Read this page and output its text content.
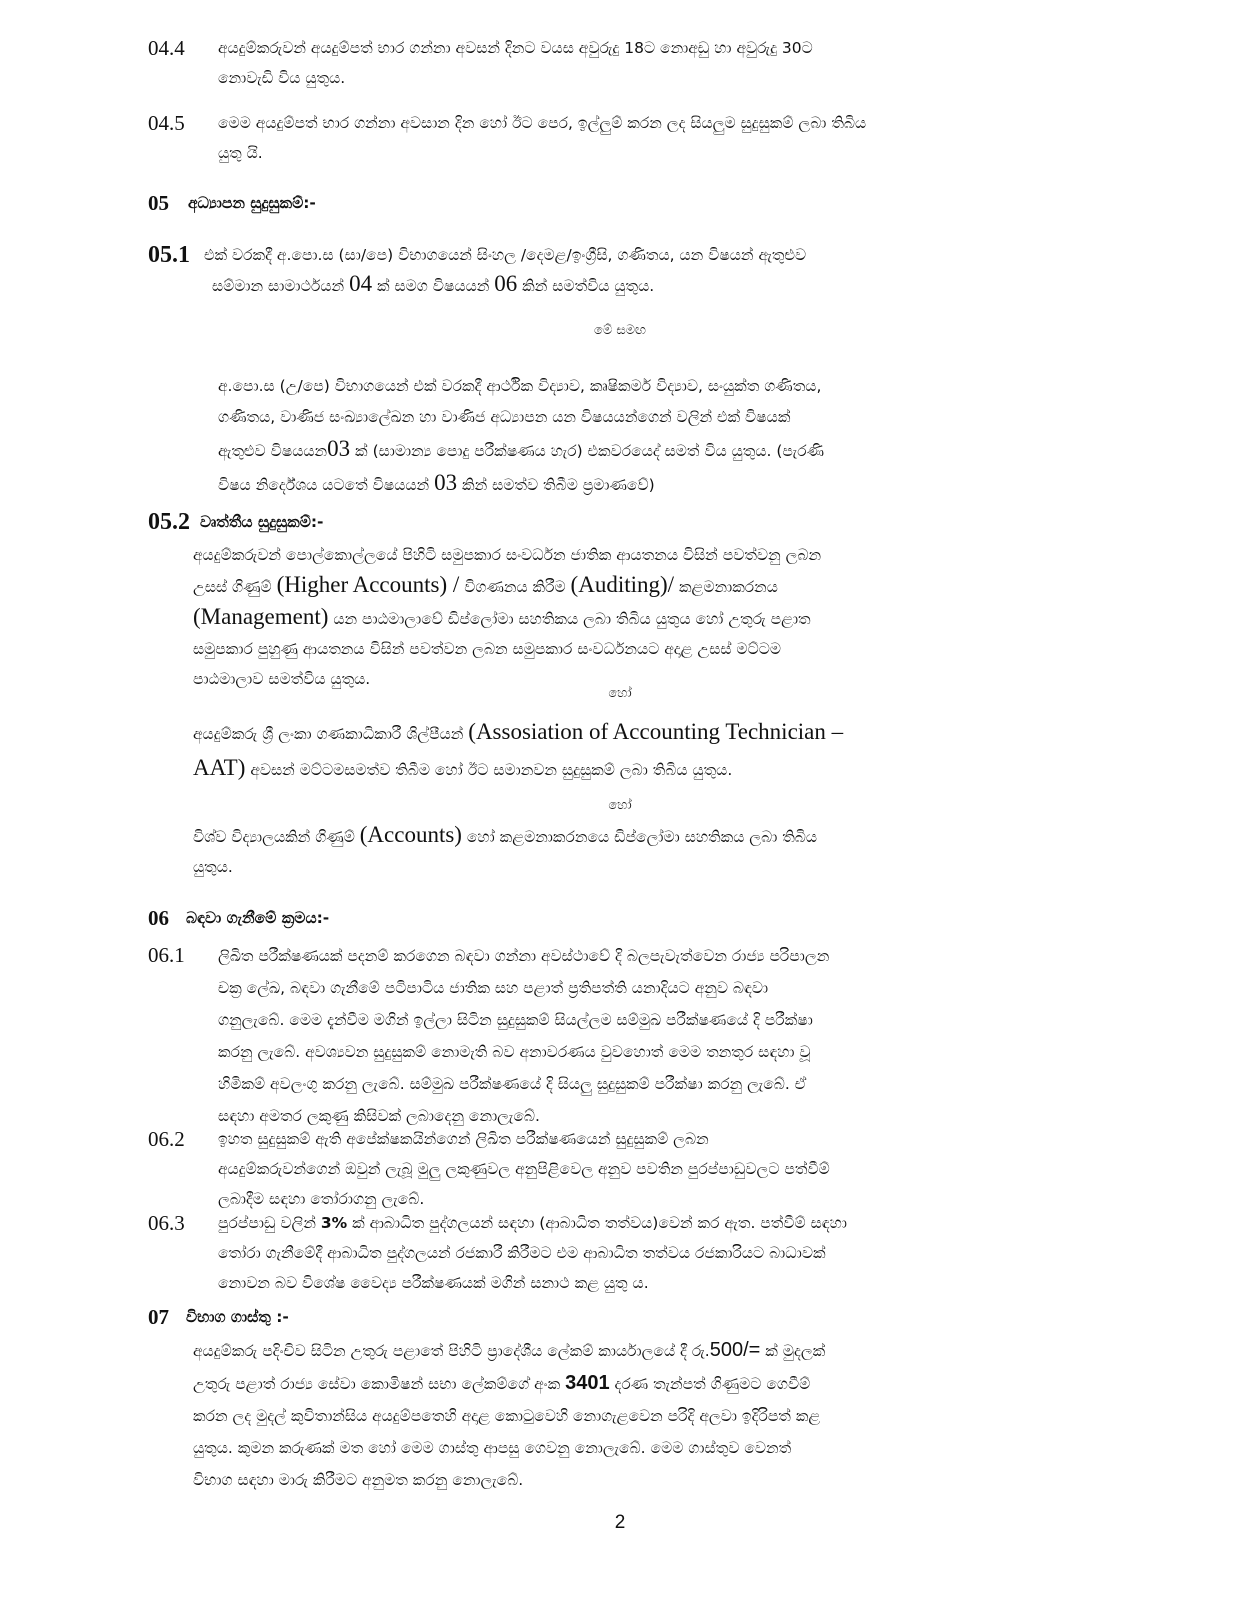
04.4 අයදුම්කරුවන් අයදුම්පත් භාර ගන්නා අවසන් දිනට වයස අවුරුදු 18ට නොඅඩු හා අවුරුදු 30ට
නොවැඩි විය යුතුය.
04.5 මෙම අයදුම්පත් භාර ගන්නා අවසාන දින හෝ ඊට පෙර, ඉල්ලුම් කරන ලද සියලුම සුදුසුකම් ලබා තිබිය
යුතු යි.
05 අධ්‍යාපන සුදුසුකම්:-
05.1 එක් වරකදී අ.පො.ස (සා/පෙ) විභාගයෙන් සිංහල /දෙමළ/ඉංග්‍රීසි, ගණිතය, යන විෂයන් ඇතුළුව
සම්මාන සාමාර්ථයන් 04 ක් සමග විෂයයන් 06 කින් සමත්විය යුතුය.
මේ සමඟ
අ.පො.ස (උ/පෙ) විභාගයෙන් එක් වරකදී ආර්ථික විද්‍යාව, කෘෂිකර්ම විද්‍යාව, සංයුක්ත ගණිතය,
ගණිතය, වාණිජ සංඛ්‍යාලේඛන හා වාණිජ අධ්‍යාපන යන විෂයයන්ගෙන් වලින් එක් විෂයක්
ඇතුළුව විෂයයන03 ක් (සාමාන්‍ය පොදු පරීක්ෂණය හැර) එකවරයෙද් සමත් විය යුතුය. (පැරණි
විෂය නිර්දේශය යටතේ විෂයයන් 03 කින් සමත්ව තිබීම ප්‍රමාණවේ)
05.2 වෘත්තීය සුදුසුකම්:-
අයදුම්කරුවන් පොල්කොල්ලයේ පිහිටි සමුපකාර සංවර්ධන ජාතික ආයතනය විසින් පවත්වනු ලබන
උසස් ගිණුම් (Higher Accounts) / විගණනය කිරීම (Auditing)/ කළමනාකරනය
(Management) යන පාඨමාලාවේ ඩිප්ලෝමා සහතිකය ලබා තිබිය යුතුය හෝ උතුරු පළාත
සමුපකාර පුහුණු ආයතනය විසින් පවත්වන ලබන සමුපකාර සංවර්ධනයට අදාළ උසස් මට්ටම
පාඨමාලාව සමත්විය යුතුය.
හෝ
අයදුම්කරු ශ්‍රී ලංකා ගණකාධිකාරී ශිල්පීයන් (Assosiation of Accounting Technician –
AAT) අවසන් මට්ටමසමත්ව තිබීම හෝ ඊට සමානවන සුදුසුකම් ලබා තිබිය යුතුය.
හෝ
විශ්ව විද්‍යාලයකින් ගිණුම් (Accounts) හෝ කළමනාකරනයෙ ඩිප්ලෝමා සහතිකය ලබා තිබිය
යුතුය.
06 බඳවා ගැනීමේ ක්‍රමය:-
06.1 ලිඛිත පරීක්ෂණයක් පදනම් කරගෙන බඳවා ගන්නා අවස්ථාවේ දි බලපැවැත්වෙන රාජ්‍ය පරිපාලන
චක්‍ර ලේඛ, බඳවා ගැනීමේ පටිපාටිය ජාතික සහ පළාත් ප්‍රතිපත්ති යනාදියට අනුව බඳවා
ගනුලැබේ. මෙම දැන්වීම මගින් ඉල්ලා සිටින සුදුසුකම් සියල්ලම සම්මුඛ පරීක්ෂණයේ දි පරීක්ෂා
කරනු ලැබේ. අවශ්‍යවන සුදුසුකම් නොමැති බව අනාවරණය වුවහොත් මෙම තනතුර සඳහා වූ
හිමිකම් අවලංගු කරනු ලැබේ. සම්මුඛ පරීක්ෂණයේ දි සියලු සුදුසුකම් පරීක්ෂා කරනු ලැබේ. ඒ
සඳහා අමතර ලකුණු කිසිවක් ලබාදෙනු නොලැබේ.
06.2 ඉහත සුදුසුකම් ඇති අපේක්ෂකයින්ගෙන් ලිඛිත පරීක්ෂණයෙන් සුදුසුකම් ලබන
අයදුම්කරුවන්ගෙන් ඔවුන් ලැබූ මුලු ලකුණුවල අනුපිළිවෙල අනුව පවතින පුරප්පාඩුවලට පත්වීම්
ලබාදීම සඳහා තෝරාගනු ලැබේ.
06.3 පුරප්පාඩු වලින් 3% ක් ආබාධිත පුද්ගලයන් සඳහා (ආබාධිත තත්වය)වෙන් කර ඇත. පත්වීම් සඳහා
තෝරා ගැනීමේදී ආබාධිත පුද්ගලයන් රජකාරී කිරීමට එම ආබාධිත තත්වය රජකාරියට බාධාවක්
නොවන බව විශේෂ වෛද්‍ය පරීක්ෂණයක් මගින් සනාථ කළ යුතු ය.
07 විභාග ගාස්තු :-
අයදුම්කරු පදිංචිව සිටින උතුරු පළාතේ පිහිටි ප්‍රාදේශීය ලේකම් කාර්යාලයේ දී රු.500/= ක් මුදලක්
උතුරු පළාත් රාජ්‍ය සේවා කොමිෂන් සභා ලේකම්ගේ අංක 3401 දරණ තැන්පත් ගිණුමට ගෙවීම්
කරන ලද මුදල් කුවිතාන්සිය අයදුම්පතෙහි අදාළ කොටුවෙහි නොගැළවෙන පරිදි අලවා ඉදිරිපත් කළ
යුතුය. කුමන කරුණක් මත හෝ මෙම ගාස්තු ආපසු ගෙවනු නොලැබේ. මෙම ගාස්තුව වෙනත්
විභාග සඳහා මාරු කිරීමට අනුමත කරනු නොලැබේ.
2
